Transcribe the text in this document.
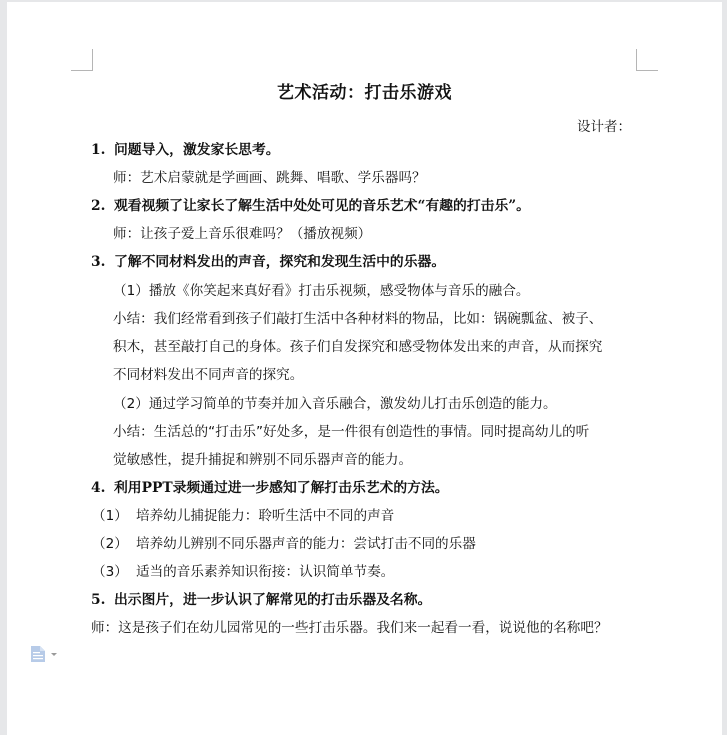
艺术活动：打击乐游戏
设计者：
1. 问题导入，激发家长思考。
师：艺术启蒙就是学画画、跳舞、唱歌、学乐器吗？
2. 观看视频了让家长了解生活中处处可见的音乐艺术“有趣的打击乐”。
师：让孩子爱上音乐很难吗？（播放视频）
3. 了解不同材料发出的声音，探究和发现生活中的乐器。
（1）播放《你笑起来真好看》打击乐视频，感受物体与音乐的融合。
小结：我们经常看到孩子们敲打生活中各种材料的物品，比如：锅碗瓢盆、被子、
积木，甚至敲打自己的身体。孩子们自发探究和感受物体发出来的声音，从而探究
不同材料发出不同声音的探究。
（2）通过学习简单的节奏并加入音乐融合，激发幼儿打击乐创造的能力。
小结：生活总的“打击乐”好处多，是一件很有创造性的事情。同时提高幼儿的听
觉敏感性，提升捕捉和辨别不同乐器声音的能力。
4. 利用PPT录频通过进一步感知了解打击乐艺术的方法。
（1） 培养幼儿捕捉能力：聆听生活中不同的声音
（2） 培养幼儿辨别不同乐器声音的能力：尝试打击不同的乐器
（3） 适当的音乐素养知识衔接：认识简单节奏。
5. 出示图片，进一步认识了解常见的打击乐器及名称。
师：这是孩子们在幼儿园常见的一些打击乐器。我们来一起看一看，说说他的名称吧？
